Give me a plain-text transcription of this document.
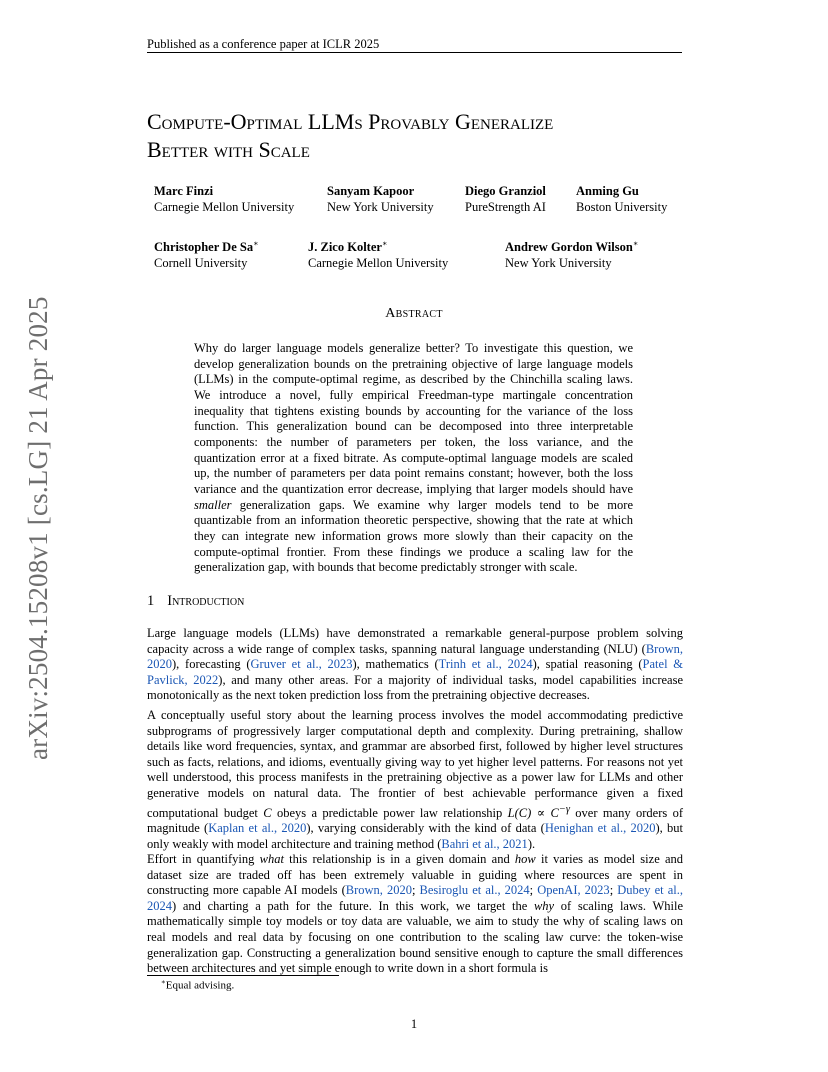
Published as a conference paper at ICLR 2025
arXiv:2504.15208v1 [cs.LG] 21 Apr 2025
Compute-Optimal LLMs Provably Generalize
Better with Scale
Marc Finzi
Carnegie Mellon University
Sanyam Kapoor
New York University
Diego Granziol
PureStrength AI
Anming Gu
Boston University
Christopher De Sa∗
Cornell University
J. Zico Kolter∗
Carnegie Mellon University
Andrew Gordon Wilson∗
New York University
Abstract
Why do larger language models generalize better? To investigate this question, we develop generalization bounds on the pretraining objective of large language models (LLMs) in the compute-optimal regime, as described by the Chinchilla scaling laws. We introduce a novel, fully empirical Freedman-type martingale concentration inequality that tightens existing bounds by accounting for the variance of the loss function. This generalization bound can be decomposed into three interpretable components: the number of parameters per token, the loss variance, and the quantization error at a fixed bitrate. As compute-optimal language models are scaled up, the number of parameters per data point remains constant; however, both the loss variance and the quantization error decrease, implying that larger models should have smaller generalization gaps. We examine why larger models tend to be more quantizable from an information theoretic perspective, showing that the rate at which they can integrate new information grows more slowly than their capacity on the compute-optimal frontier. From these findings we produce a scaling law for the generalization gap, with bounds that become predictably stronger with scale.
1 Introduction
Large language models (LLMs) have demonstrated a remarkable general-purpose problem solving capacity across a wide range of complex tasks, spanning natural language understanding (NLU) (Brown, 2020), forecasting (Gruver et al., 2023), mathematics (Trinh et al., 2024), spatial reasoning (Patel & Pavlick, 2022), and many other areas. For a majority of individual tasks, model capabilities increase monotonically as the next token prediction loss from the pretraining objective decreases.
A conceptually useful story about the learning process involves the model accommodating predictive subprograms of progressively larger computational depth and complexity. During pretraining, shallow details like word frequencies, syntax, and grammar are absorbed first, followed by higher level structures such as facts, relations, and idioms, eventually giving way to yet higher level patterns. For reasons not yet well understood, this process manifests in the pretraining objective as a power law for LLMs and other generative models on natural data. The frontier of best achievable performance given a fixed computational budget C obeys a predictable power law relationship $L(C) \propto C^{-\gamma}$ over many orders of magnitude (Kaplan et al., 2020), varying considerably with the kind of data (Henighan et al., 2020), but only weakly with model architecture and training method (Bahri et al., 2021).
Effort in quantifying what this relationship is in a given domain and how it varies as model size and dataset size are traded off has been extremely valuable in guiding where resources are spent in constructing more capable AI models (Brown, 2020; Besiroglu et al., 2024; OpenAI, 2023; Dubey et al., 2024) and charting a path for the future. In this work, we target the why of scaling laws. While mathematically simple toy models or toy data are valuable, we aim to study the why of scaling laws on real models and real data by focusing on one contribution to the scaling law curve: the token-wise generalization gap. Constructing a generalization bound sensitive enough to capture the small differences between architectures and yet simple enough to write down in a short formula is
∗Equal advising.
1
